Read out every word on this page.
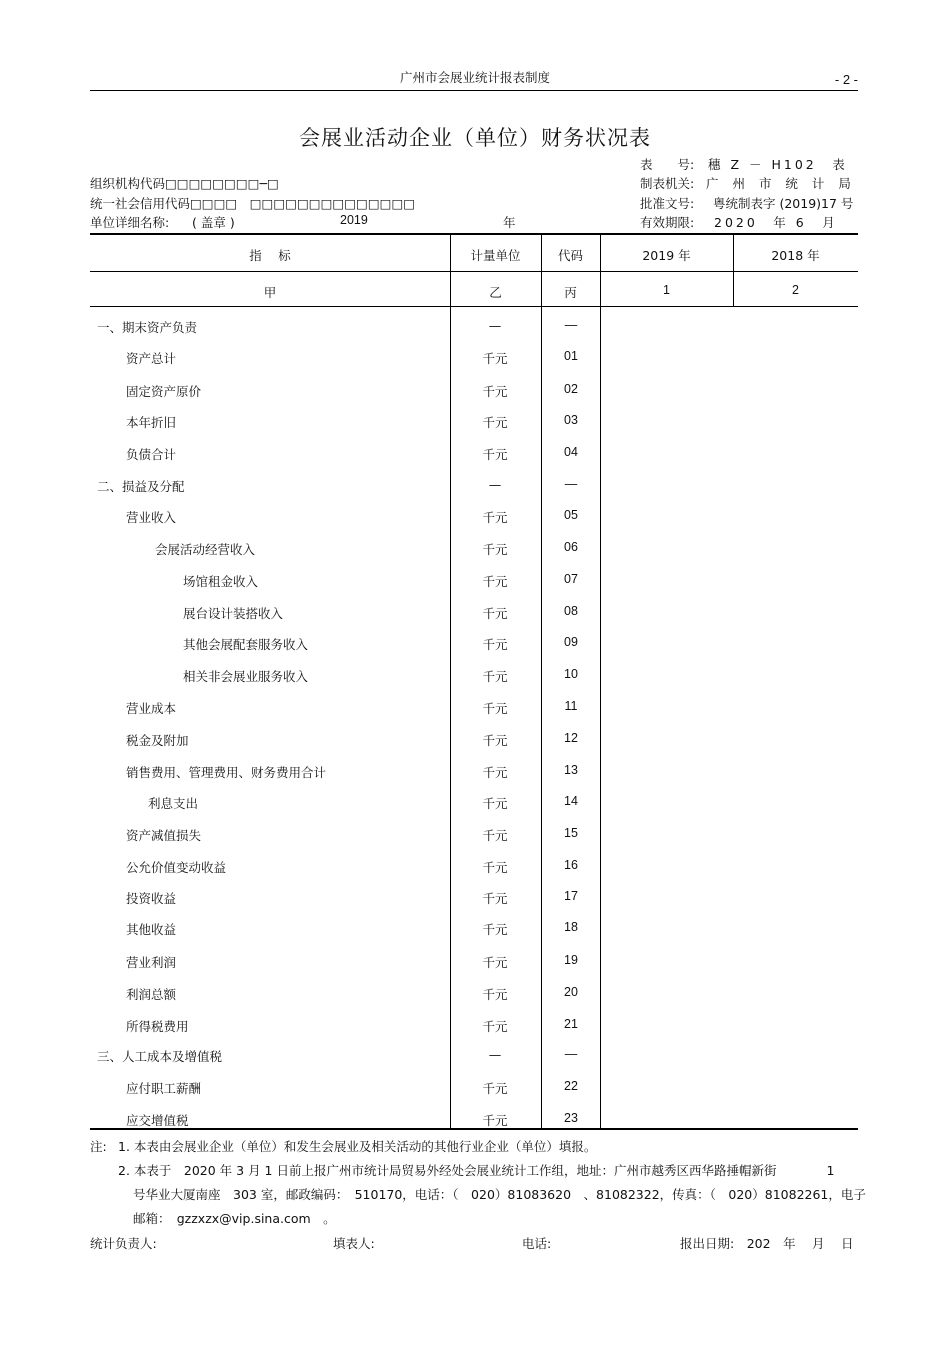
广州市会展业统计报表制度	- 2 -
会展业活动企业（单位）财务状况表
组织机构代码□□□□□□□□─□
统一社会信用代码□□□□　□□□□□□□□□□□□□□
单位详细名称: ( 盖章 )	2019	年
表　　号: 穗 Z － H102　表
制表机关: 广 州 市 统 计 局
批准文号: 粤统制表字 (2019)17 号
有效期限: 2020　年 6　月
指　 标	计量单位	代码	2019 年	2018 年
甲	乙	丙	1	2
一、期末资产负责	—	—
资产总计	千元	01
固定资产原价	千元	02
本年折旧	千元	03
负债合计	千元	04
二、损益及分配	—	—
营业收入	千元	05
会展活动经营收入	千元	06
场馆租金收入	千元	07
展台设计装搭收入	千元	08
其他会展配套服务收入	千元	09
相关非会展业服务收入	千元	10
营业成本	千元	11
税金及附加	千元	12
销售费用、管理费用、财务费用合计	千元	13
利息支出	千元	14
资产减值损失	千元	15
公允价值变动收益	千元	16
投资收益	千元	17
其他收益	千元	18
营业利润	千元	19
利润总额	千元	20
所得税费用	千元	21
三、人工成本及增值税	—	—
应付职工薪酬	千元	22
应交增值税	千元	23
注: 1. 本表由会展业企业（单位）和发生会展业及相关活动的其他行业企业（单位）填报。
2. 本表于　2020 年 3 月 1 日前上报广州市统计局贸易外经处会展业统计工作组，地址：广州市越秀区西华路捶帽新街　　　　1
号华业大厦南座　303 室，邮政编码：　510170，电话：（　020）81083620　、81082322，传真：（　020）81082261，电子
邮箱：　gzzxzx@vip.sina.com　。
统计负责人:	填表人:	电话:	报出日期:　202　年　 月　 日
